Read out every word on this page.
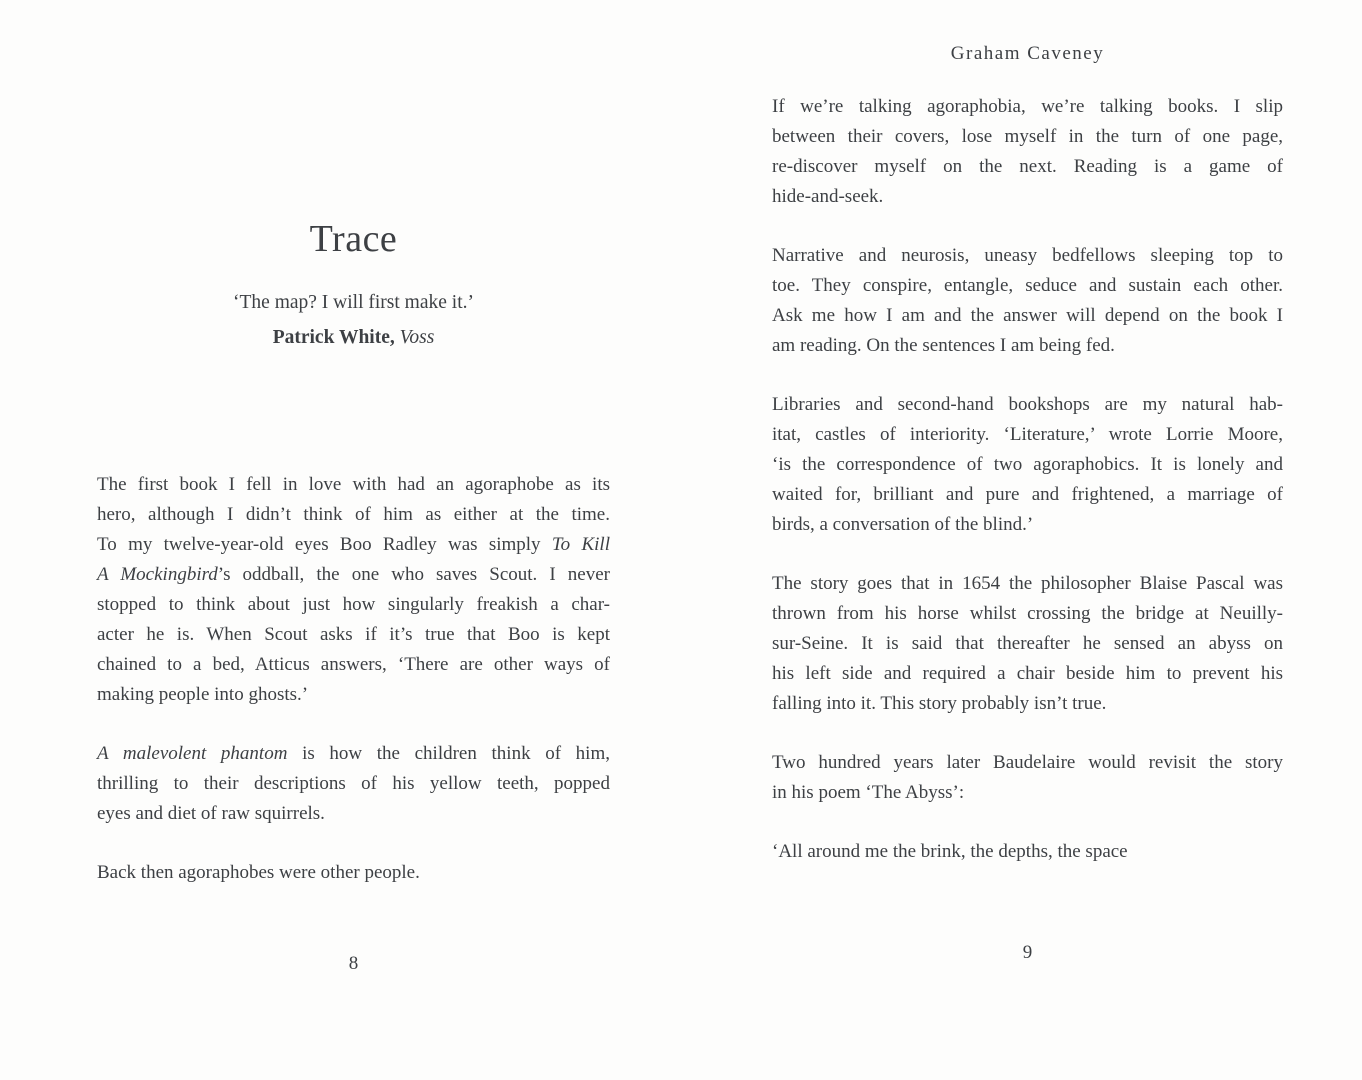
Trace

‘The map? I will first make it.’

Patrick White, Voss

The first book I fell in love with had an agoraphobe as its
hero, although I didn’t think of him as either at the time.
To my twelve-year-old eyes Boo Radley was simply To Kill
A Mockingbird’s oddball, the one who saves Scout. I never
stopped to think about just how singularly freakish a char-
acter he is. When Scout asks if it’s true that Boo is kept
chained to a bed, Atticus answers, ‘There are other ways of
making people into ghosts.’

A malevolent phantom is how the children think of him,
thrilling to their descriptions of his yellow teeth, popped
eyes and diet of raw squirrels.

Back then agoraphobes were other people.

8
Graham Caveney

If we’re talking agoraphobia, we’re talking books. I slip
between their covers, lose myself in the turn of one page,
re-discover myself on the next. Reading is a game of
hide-and-seek.

Narrative and neurosis, uneasy bedfellows sleeping top to
toe. They conspire, entangle, seduce and sustain each other.
Ask me how I am and the answer will depend on the book I
am reading. On the sentences I am being fed.

Libraries and second-hand bookshops are my natural hab-
itat, castles of interiority. ‘Literature,’ wrote Lorrie Moore,
‘is the correspondence of two agoraphobics. It is lonely and
waited for, brilliant and pure and frightened, a marriage of
birds, a conversation of the blind.’

The story goes that in 1654 the philosopher Blaise Pascal was
thrown from his horse whilst crossing the bridge at Neuilly-
sur-Seine. It is said that thereafter he sensed an abyss on
his left side and required a chair beside him to prevent his
falling into it. This story probably isn’t true.

Two hundred years later Baudelaire would revisit the story
in his poem ‘The Abyss’:

‘All around me the brink, the depths, the space

9
